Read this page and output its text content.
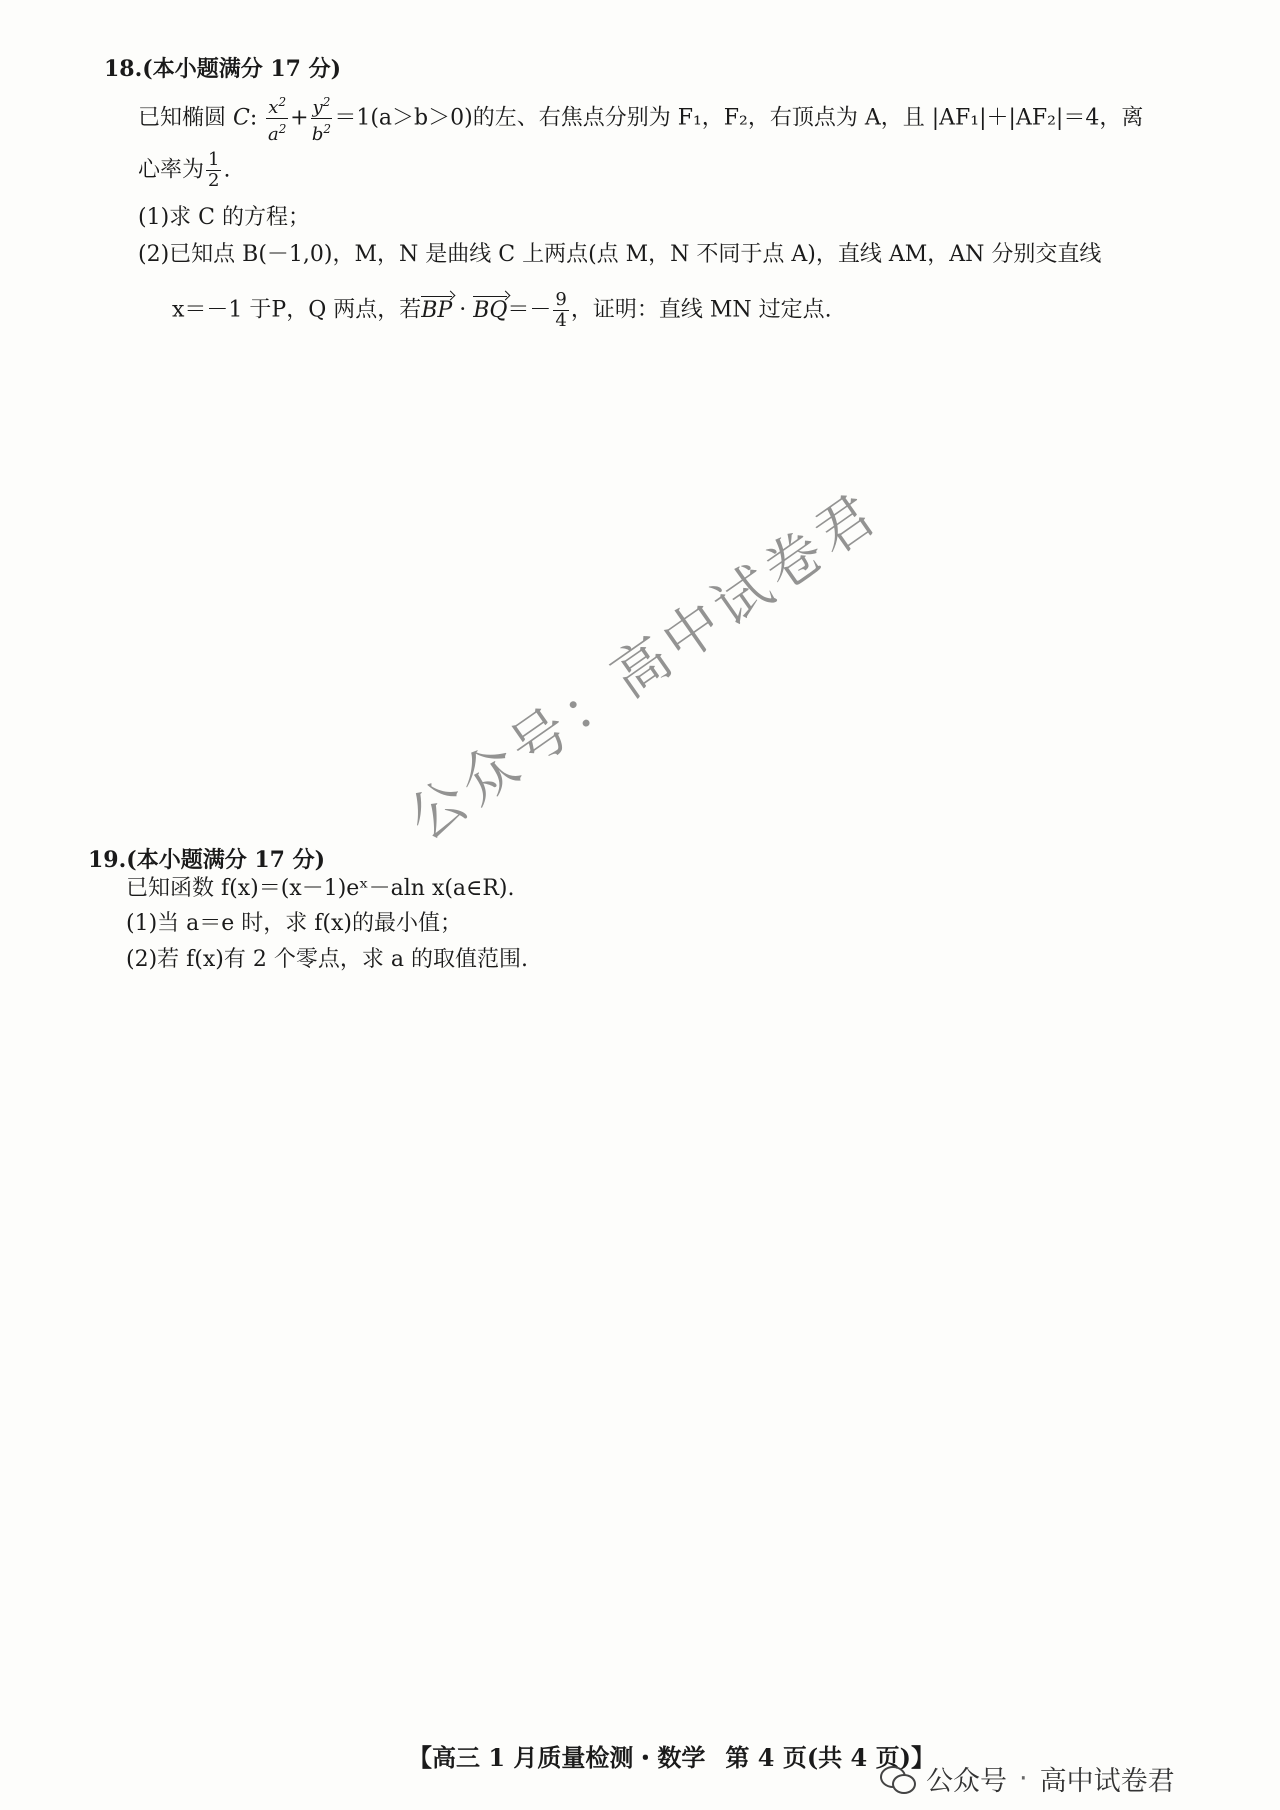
18.(本小题满分 17 分)
已知椭圆 C: $\frac{x^2}{a^2} + \frac{y^2}{b^2} =1(a>b>0)$的左、右焦点分别为 F₁，F₂，右顶点为 A，且 |AF₁|＋|AF₂|＝4，离
心率为 $\frac{1}{2}$ .
(1)求 C 的方程；
(2)已知点 B(－1,0)，M，N 是曲线 C 上两点(点 M，N 不同于点 A)，直线 AM，AN 分别交直线
x＝－1 于P，Q 两点，若BP · $BQ=- \frac{9}{4}$ ，证明：直线 MN 过定点.
19.(本小题满分 17 分)
已知函数 f(x)＝(x－1)eˣ－aln x(a∈R).
(1)当 a＝e 时，求 f(x)的最小值；
(2)若 f(x)有 2 个零点，求 a 的取值范围.
公众号：高中试卷君
【高三 1 月质量检测・数学 第 4 页(共 4 页)】
公众号 · 高中试卷君
